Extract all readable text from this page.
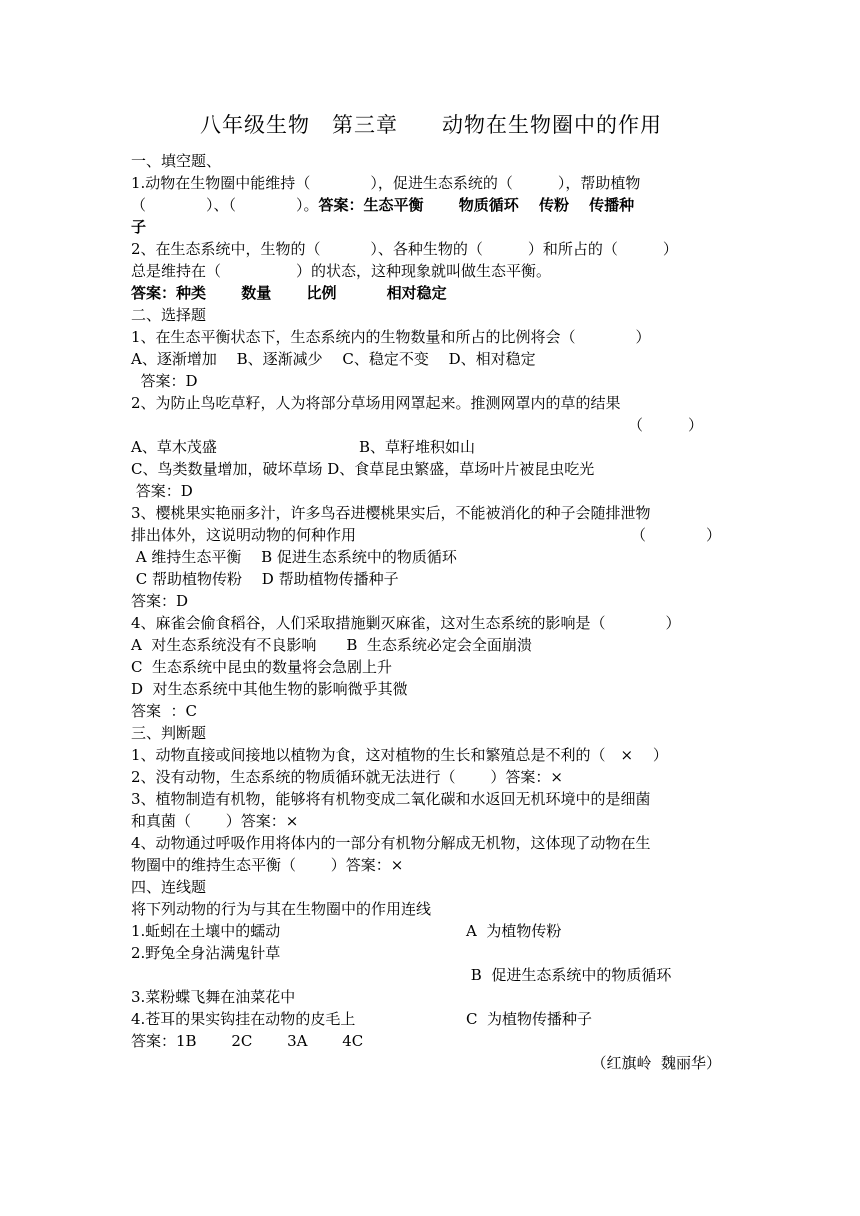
八年级生物　第三章　　动物在生物圈中的作用

一、填空题、

1.动物在生物圈中能维持（　　　　），促进生态系统的（　　　），帮助植物

（　　　　）、（　　　　）。答案：生态平衡　　 物质循环　 传粉　 传播种

子

2、在生态系统中，生物的（　　　 ）、各种生物的（　　　）和所占的（　　　）

总是维持在（　　　　　）的状态，这种现象就叫做生态平衡。

答案：种类　　 数量　　 比例　　　 相对稳定

二、选择题

1、在生态平衡状态下，生态系统内的生物数量和所占的比例将会（　　　　）

A、逐渐增加　 B、逐渐减少　 C、稳定不变　 D、相对稳定

答案：D

2、为防止鸟吃草籽，人为将部分草场用网罩起来。推测网罩内的草的结果

（　　　）

A、草木茂盛	B、草籽堆积如山

C、鸟类数量增加，破坏草场 D、食草昆虫繁盛，草场叶片被昆虫吃光

答案：D

3、樱桃果实艳丽多汁，许多鸟吞进樱桃果实后，不能被消化的种子会随排泄物

排出体外，这说明动物的何种作用	（　　　　）

A 维持生态平衡　 B 促进生态系统中的物质循环

C 帮助植物传粉　 D 帮助植物传播种子

答案：D

4、麻雀会偷食稻谷，人们采取措施剿灭麻雀，这对生态系统的影响是（　　　　）

A  对生态系统没有不良影响　　B  生态系统必定会全面崩溃

C  生态系统中昆虫的数量将会急剧上升

D  对生态系统中其他生物的影响微乎其微

答案  ：C

三、判断题

1、动物直接或间接地以植物为食，这对植物的生长和繁殖总是不利的（　×　 ）

2、没有动物，生态系统的物质循环就无法进行（　　 ）答案：×

3、植物制造有机物，能够将有机物变成二氧化碳和水返回无机环境中的是细菌

和真菌（　　 ）答案：×

4、动物通过呼吸作用将体内的一部分有机物分解成无机物，这体现了动物在生

物圈中的维持生态平衡（　　 ）答案：×

四、连线题

将下列动物的行为与其在生物圈中的作用连线

1.蚯蚓在土壤中的蠕动	A  为植物传粉

2.野兔全身沾满鬼针草

B  促进生态系统中的物质循环

3.菜粉蝶飞舞在油菜花中

4.苍耳的果实钩挂在动物的皮毛上	C  为植物传播种子

答案：1B　　 2C　　 3A　　 4C

（红旗岭  魏丽华）
